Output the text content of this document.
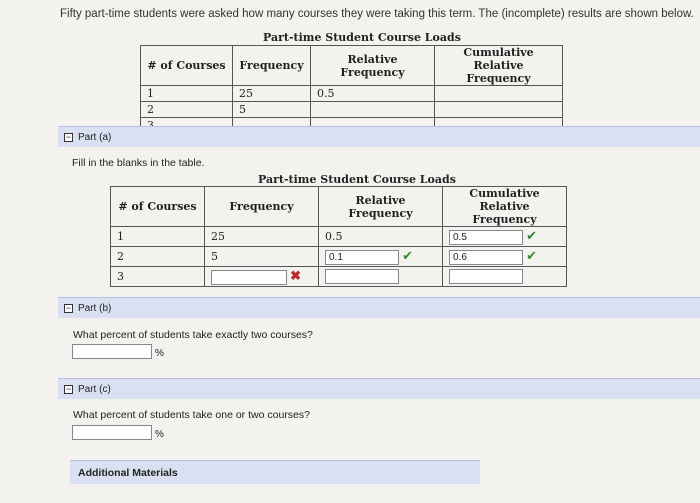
Fifty part-time students were asked how many courses they were taking this term. The (incomplete) results are shown below.
Part-time Student Course Loads
# of Courses	Frequency	Relative Frequency	Cumulative Relative Frequency
1	25	0.5	
2	5		

− Part (a)
Fill in the blanks in the table.
Part-time Student Course Loads
# of Courses	Frequency	Relative Frequency	Cumulative Relative Frequency
1	25	0.5	0.5 ✔
2	5	0.1 ✔	0.6 ✔
3	✖		
− Part (b)
What percent of students take exactly two courses?
%
− Part (c)
What percent of students take one or two courses?
%
Additional Materials
